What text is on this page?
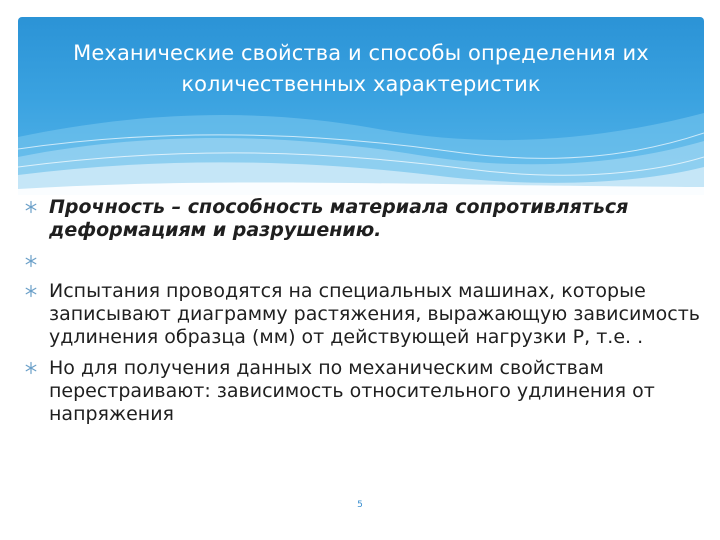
Механические свойства и способы определения их
количественных характеристик
Прочность – способность материала сопротивляться деформациям и разрушению.
Испытания проводятся на специальных машинах, которые записывают диаграмму растяжения, выражающую зависимость удлинения образца (мм) от действующей нагрузки Р, т.е. .
Но для получения данных по механическим свойствам перестраивают: зависимость относительного удлинения от напряжения
5
